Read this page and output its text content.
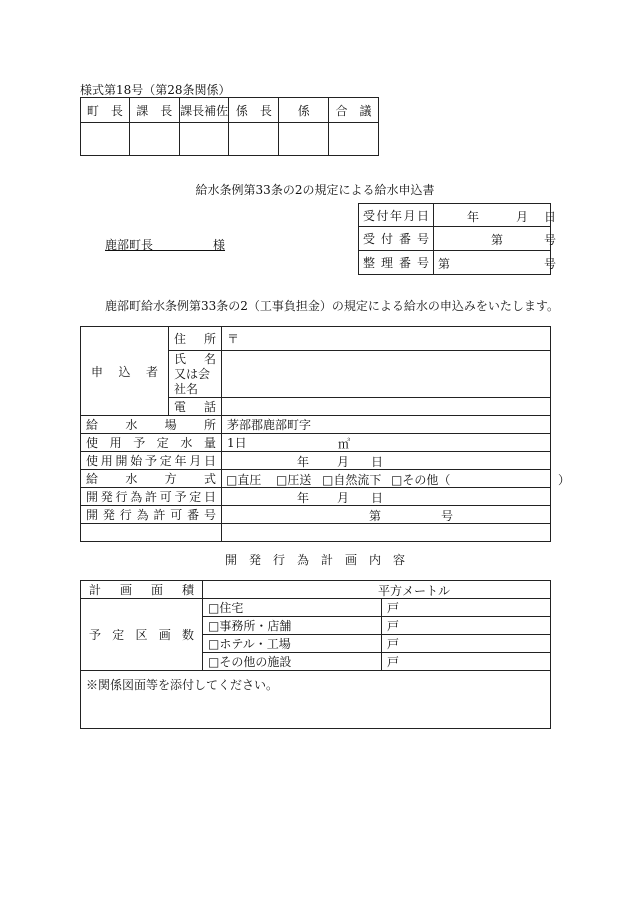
様式第18号（第28条関係）
町　長	課　長	課長補佐	係　長	係	合　議

給水条例第33条の2の規定による給水申込書
鹿部町長　　　　　様
受付年月日	年 月 日

受付番号	第 号

整理番号	第 号
鹿部町給水条例第33条の2（工事負担金）の規定による給水の申込みをいたします。
申込者	住所	〒

	氏　名
又は会
社名	

	電話	
給水場所		茅部郡鹿部町字
使用予定水量		1日 ㎥

使用開始予定年月日		年 月 日

給水方式		□直圧 □圧送 □自然流下 □その他（ ）

開発行為許可予定日		年 月 日

開発行為許可番号		第 号

開　発　行　為　計　画　内　容
計画面積	平方メートル	

予定区画数	□住宅	戸
	□事務所・店舗	戸
	□ホテル・工場	戸
	□その他の施設	戸
※関係図面等を添付してください。		
